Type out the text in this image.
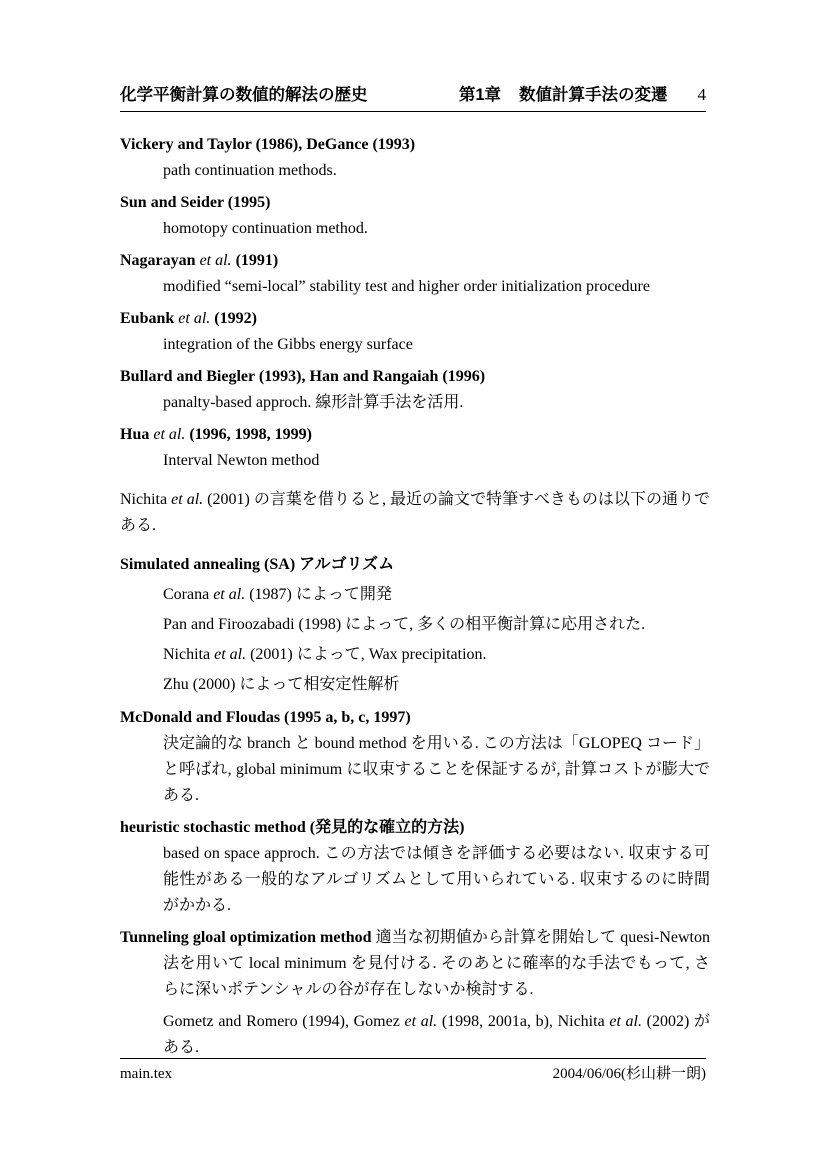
化学平衡計算の数値的解法の歴史	第1章 数値計算手法の変遷 4
Vickery and Taylor (1986), DeGance (1993)
path continuation methods.
Sun and Seider (1995)
homotopy continuation method.
Nagarayan et al. (1991)
modified “semi-local” stability test and higher order initialization procedure
Eubank et al. (1992)
integration of the Gibbs energy surface
Bullard and Biegler (1993), Han and Rangaiah (1996)
panalty-based approch. 線形計算手法を活用.
Hua et al. (1996, 1998, 1999)
Interval Newton method

Nichita et al. (2001) の言葉を借りると, 最近の論文で特筆すべきものは以下の通りである.

Simulated annealing (SA) アルゴリズム
Corana et al. (1987) によって開発
Pan and Firoozabadi (1998) によって, 多くの相平衡計算に応用された.
Nichita et al. (2001) によって, Wax precipitation.
Zhu (2000) によって相安定性解析
McDonald and Floudas (1995 a, b, c, 1997)
決定論的な branch と bound method を用いる. この方法は「GLOPEQ コード」と呼ばれ, global minimum に収束することを保証するが, 計算コストが膨大である.
heuristic stochastic method (発見的な確立的方法)
based on space approch. この方法では傾きを評価する必要はない. 収束する可能性がある一般的なアルゴリズムとして用いられている. 収束するのに時間がかかる.

Tunneling gloal optimization method 適当な初期値から計算を開始して quesi-Newton 法を用いて local minimum を見付ける. そのあとに確率的な手法でもって, さらに深いポテンシャルの谷が存在しないか検討する.

Gometz and Romero (1994), Gomez et al. (1998, 2001a, b), Nichita et al. (2002) がある.
main.tex	2004/06/06(杉山耕一朗)
